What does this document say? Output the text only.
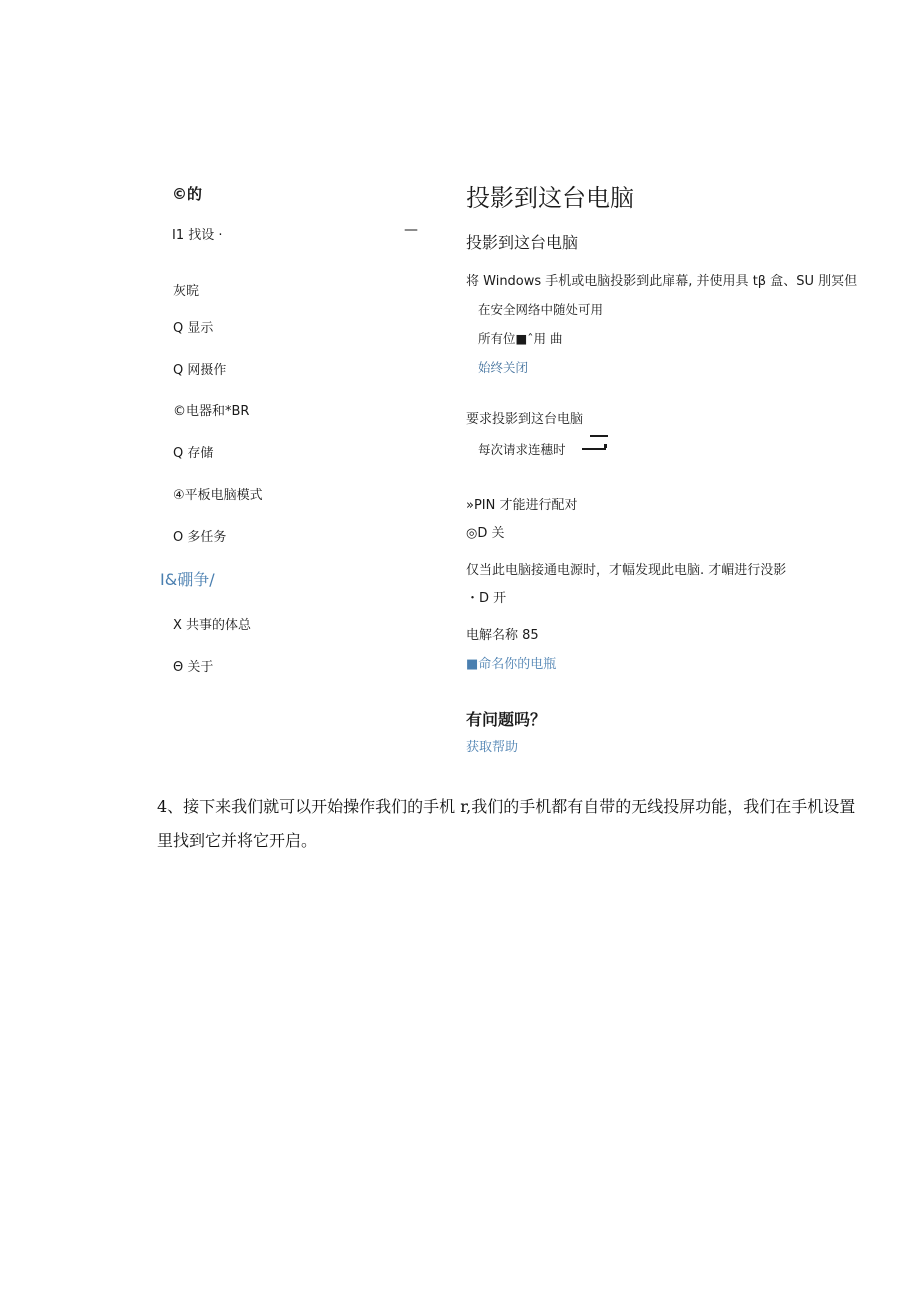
©的
I1 找设 ·	—
灰晥
Q 显示
Q 网摄作
©电器和*BR
Q 存储
④平板电脑模式
O 多任务
I&硼争/
X 共事的体总
Θ 关于
投影到这台电脑
投影到这台电脑
将 Windows 手机或电脑投影到此扉幕, 并使用具 tβ 盒、SU 刖冥但
在安全网络中随处可用
所有位■ˆ用 曲
始终关闭
要求投影到这台电脑
每次请求连穗时
»PIN 才能进行配对
◎D 关
仅当此电脑接通电源时，才幅发现此电脑. 才嵋进行没影
・D 开
电解名称 85
■命名你的电瓶
有问题吗？
获取帮助
4、接下来我们就可以开始操作我们的手机 r,我们的手机都有自带的无线投屏功能，我们在手机设置里找到它并将它开启。
